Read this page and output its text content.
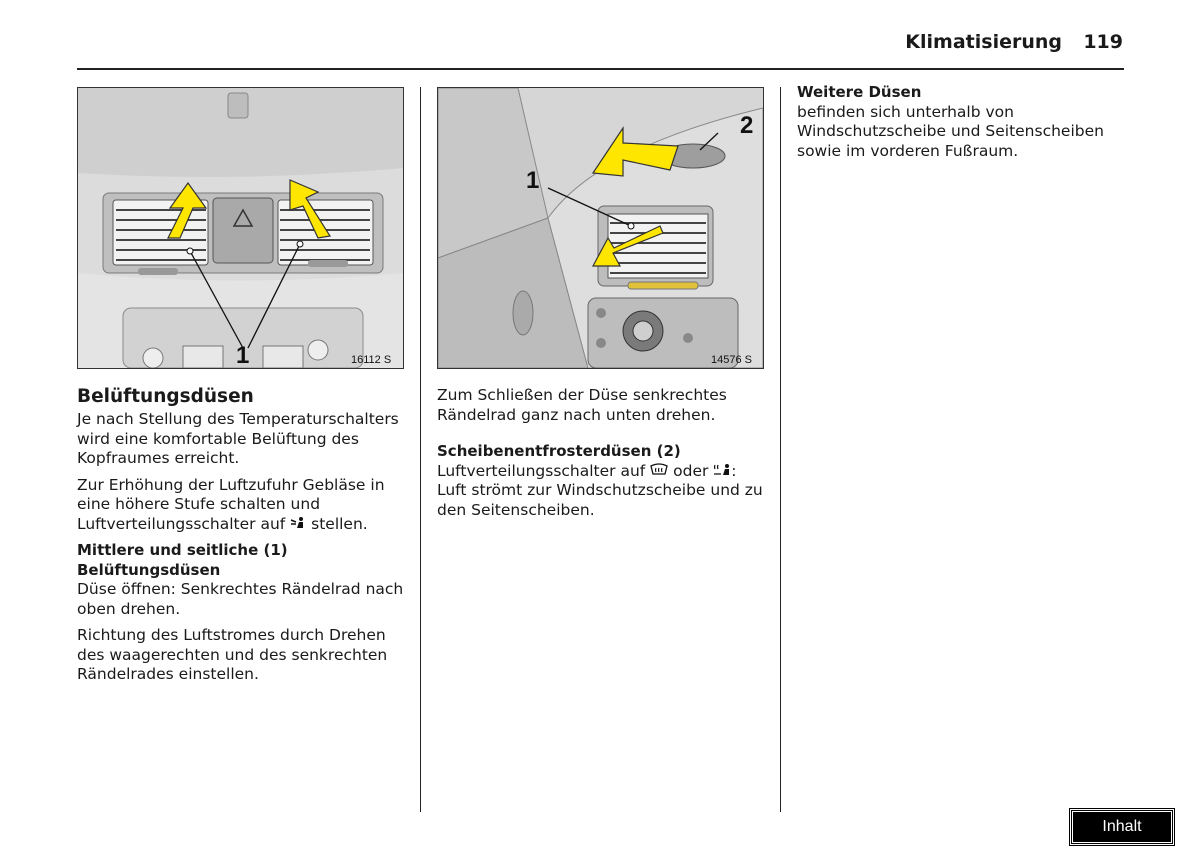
Klimatisierung 119
1	16112 S
1
2
14576 S
Belüftungsdüsen

Je nach Stellung des Temperaturschalters wird eine komfortable Belüftung des Kopfraumes erreicht.

Zur Erhöhung der Luftzufuhr Gebläse in eine höhere Stufe schalten und Luftverteilungsschalter auf stellen.

Mittlere und seitliche (1)
Belüftungsdüsen

Düse öffnen: Senkrechtes Rändelrad nach oben drehen.

Richtung des Luftstromes durch Drehen des waagerechten und des senkrechten Rändelrades einstellen.

Zum Schließen der Düse senkrechtes Rändelrad ganz nach unten drehen.

Scheibenentfrosterdüsen (2)

Luftverteilungsschalter auf oder : Luft strömt zur Windschutzscheibe und zu den Seitenscheiben.

Weitere Düsen

befinden sich unterhalb von Windschutzscheibe und Seitenscheiben sowie im vorderen Fußraum.

Inhalt
